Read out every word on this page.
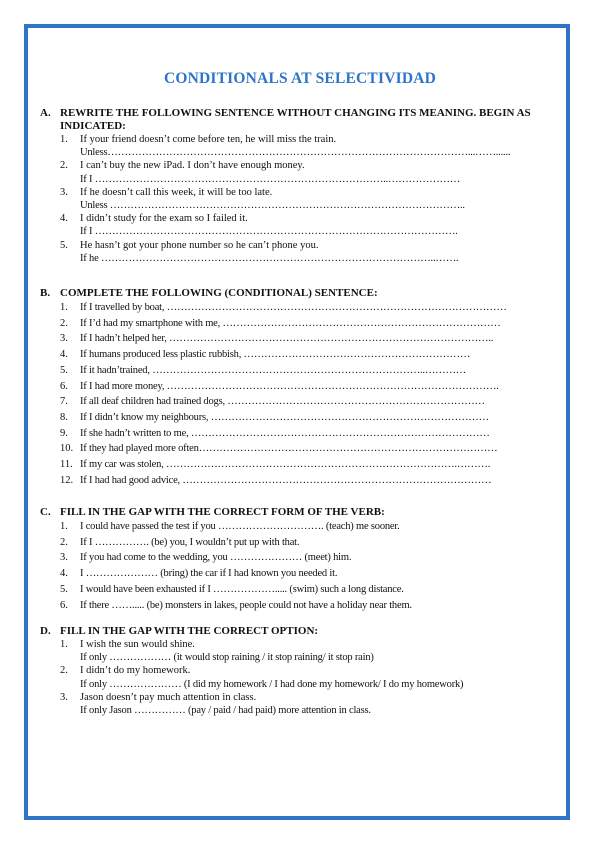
CONDITIONALS AT SELECTIVIDAD
A. REWRITE THE FOLLOWING SENTENCE WITHOUT CHANGING ITS MEANING. BEGIN AS INDICATED:
1. If your friend doesn’t come before ten, he will miss the train.
Unless……………………………………………………………………………………………...……......
2. I can’t buy the new iPad. I don’t have enough money.
If I …………………………………………………………………………..…………………
3. If he doesn’t call this week, it will be too late.
Unless …………………………………………………………………………………………..
4. I didn’t study for the exam so I failed it.
If I …………………………………………………………………………………………….
5. He hasn’t got your phone number so he can’t phone you.
If he ……………………………………………………………………………………..…….
B. COMPLETE THE FOLLOWING (CONDITIONAL) SENTENCE:
1. If I travelled by boat, ………………………………………………………………………………………
2. If I’d had my smartphone with me, ………………………………………………………………………
3. If I hadn’t helped her, …………………………………………………………………………………..
4. If humans produced less plastic rubbish, …………………………………………………………
5. If it hadn’trained, ……………………………………………………………………..…………
6. If I had more money, …………………………………………………………………………………….
7. If all deaf children had trained dogs, …………………………………………………………………
8. If I didn’t know my neighbours, ………………………………………………………………………
9. If she hadn’t written to me, ……………………………………………………………………………
10. If they had played more often……………………………………………………………………………
11. If my car was stolen, ………………………………………………………………………….……….
12. If I had had good advice, ………………………………………………………………………………
C. FILL IN THE GAP WITH THE CORRECT FORM OF THE VERB:
1. I could have passed the test if you …………………………. (teach) me sooner.
2. If I ……………. (be) you, I wouldn’t put up with that.
3. If you had come to the wedding, you ………………… (meet) him.
4. I ………………… (bring) the car if I had known you needed it.
5. I would have been exhausted if I ………………..... (swim) such a long distance.
6. If there ……..... (be) monsters in lakes, people could not have a holiday near them.
D. FILL IN THE GAP WITH THE CORRECT OPTION:
1. I wish the sun would shine.
If only ……………… (it would stop raining / it stop raining/ it stop rain)
2. I didn’t do my homework.
If only ………………… (I did my homework / I had done my homework/ I do my homework)
3. Jason doesn’t pay much attention in class.
If only Jason …………… (pay / paid / had paid) more attention in class.
